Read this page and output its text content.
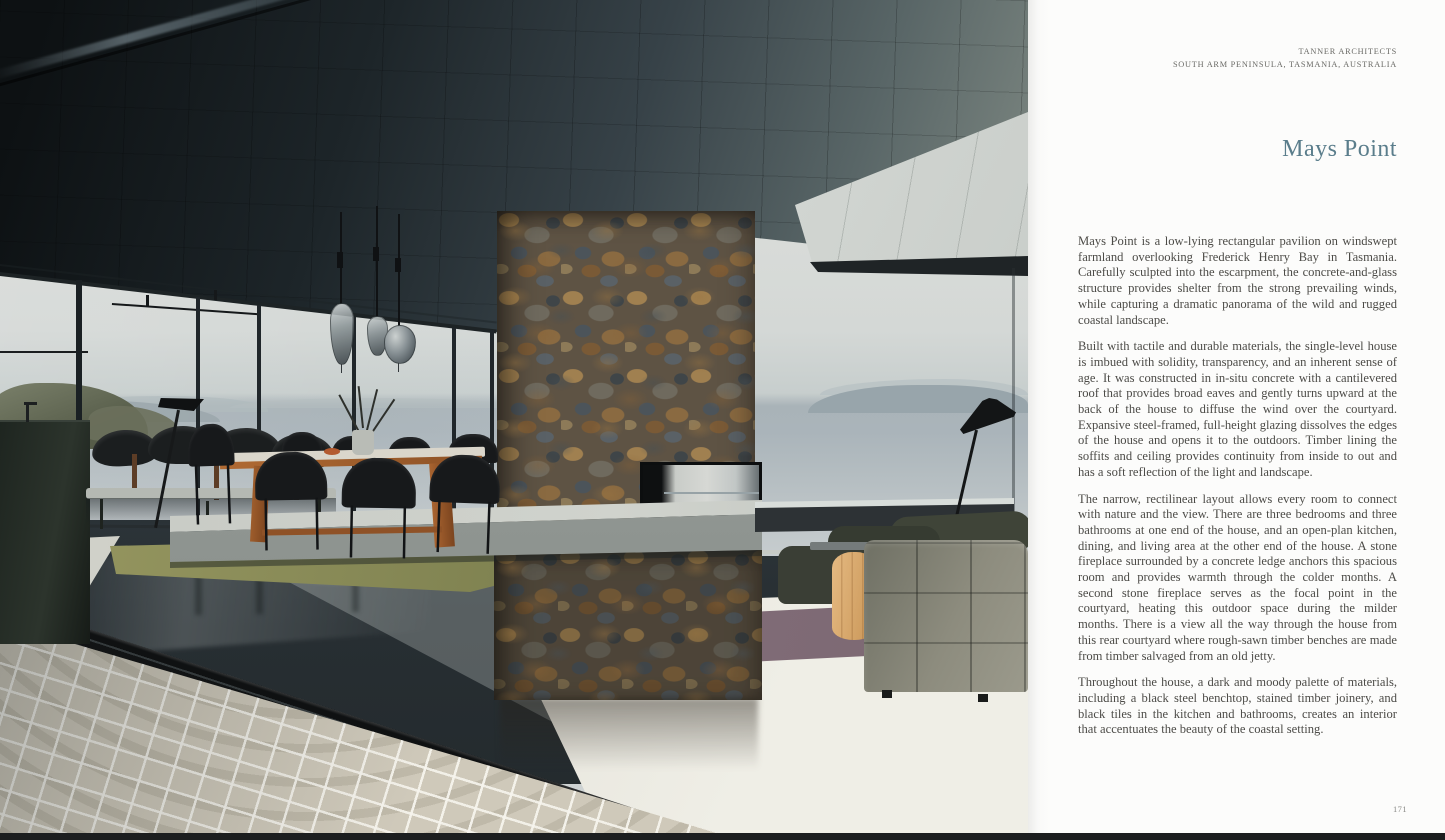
TANNER ARCHITECTS
SOUTH ARM PENINSULA, TASMANIA, AUSTRALIA
Mays Point

Mays Point is a low-lying rectangular pavilion on windswept farmland overlooking Frederick Henry Bay in Tasmania. Carefully sculpted into the escarpment, the concrete-and-glass structure provides shelter from the strong prevailing winds, while capturing a dramatic panorama of the wild and rugged coastal landscape.

Built with tactile and durable materials, the single-level house is imbued with solidity, transparency, and an inherent sense of age. It was constructed in in-situ concrete with a cantilevered roof that provides broad eaves and gently turns upward at the back of the house to diffuse the wind over the courtyard. Expansive steel-framed, full-height glazing dissolves the edges of the house and opens it to the outdoors. Timber lining the soffits and ceiling provides continuity from inside to out and has a soft reflection of the light and landscape.

The narrow, rectilinear layout allows every room to connect with nature and the view. There are three bedrooms and three bathrooms at one end of the house, and an open-plan kitchen, dining, and living area at the other end of the house. A stone fireplace surrounded by a concrete ledge anchors this spacious room and provides warmth through the colder months. A second stone fireplace serves as the focal point in the courtyard, heating this outdoor space during the milder months. There is a view all the way through the house from this rear courtyard where rough-sawn timber benches are made from timber salvaged from an old jetty.

Throughout the house, a dark and moody palette of materials, including a black steel benchtop, stained timber joinery, and black tiles in the kitchen and bathrooms, creates an interior that accentuates the beauty of the coastal setting.

171
